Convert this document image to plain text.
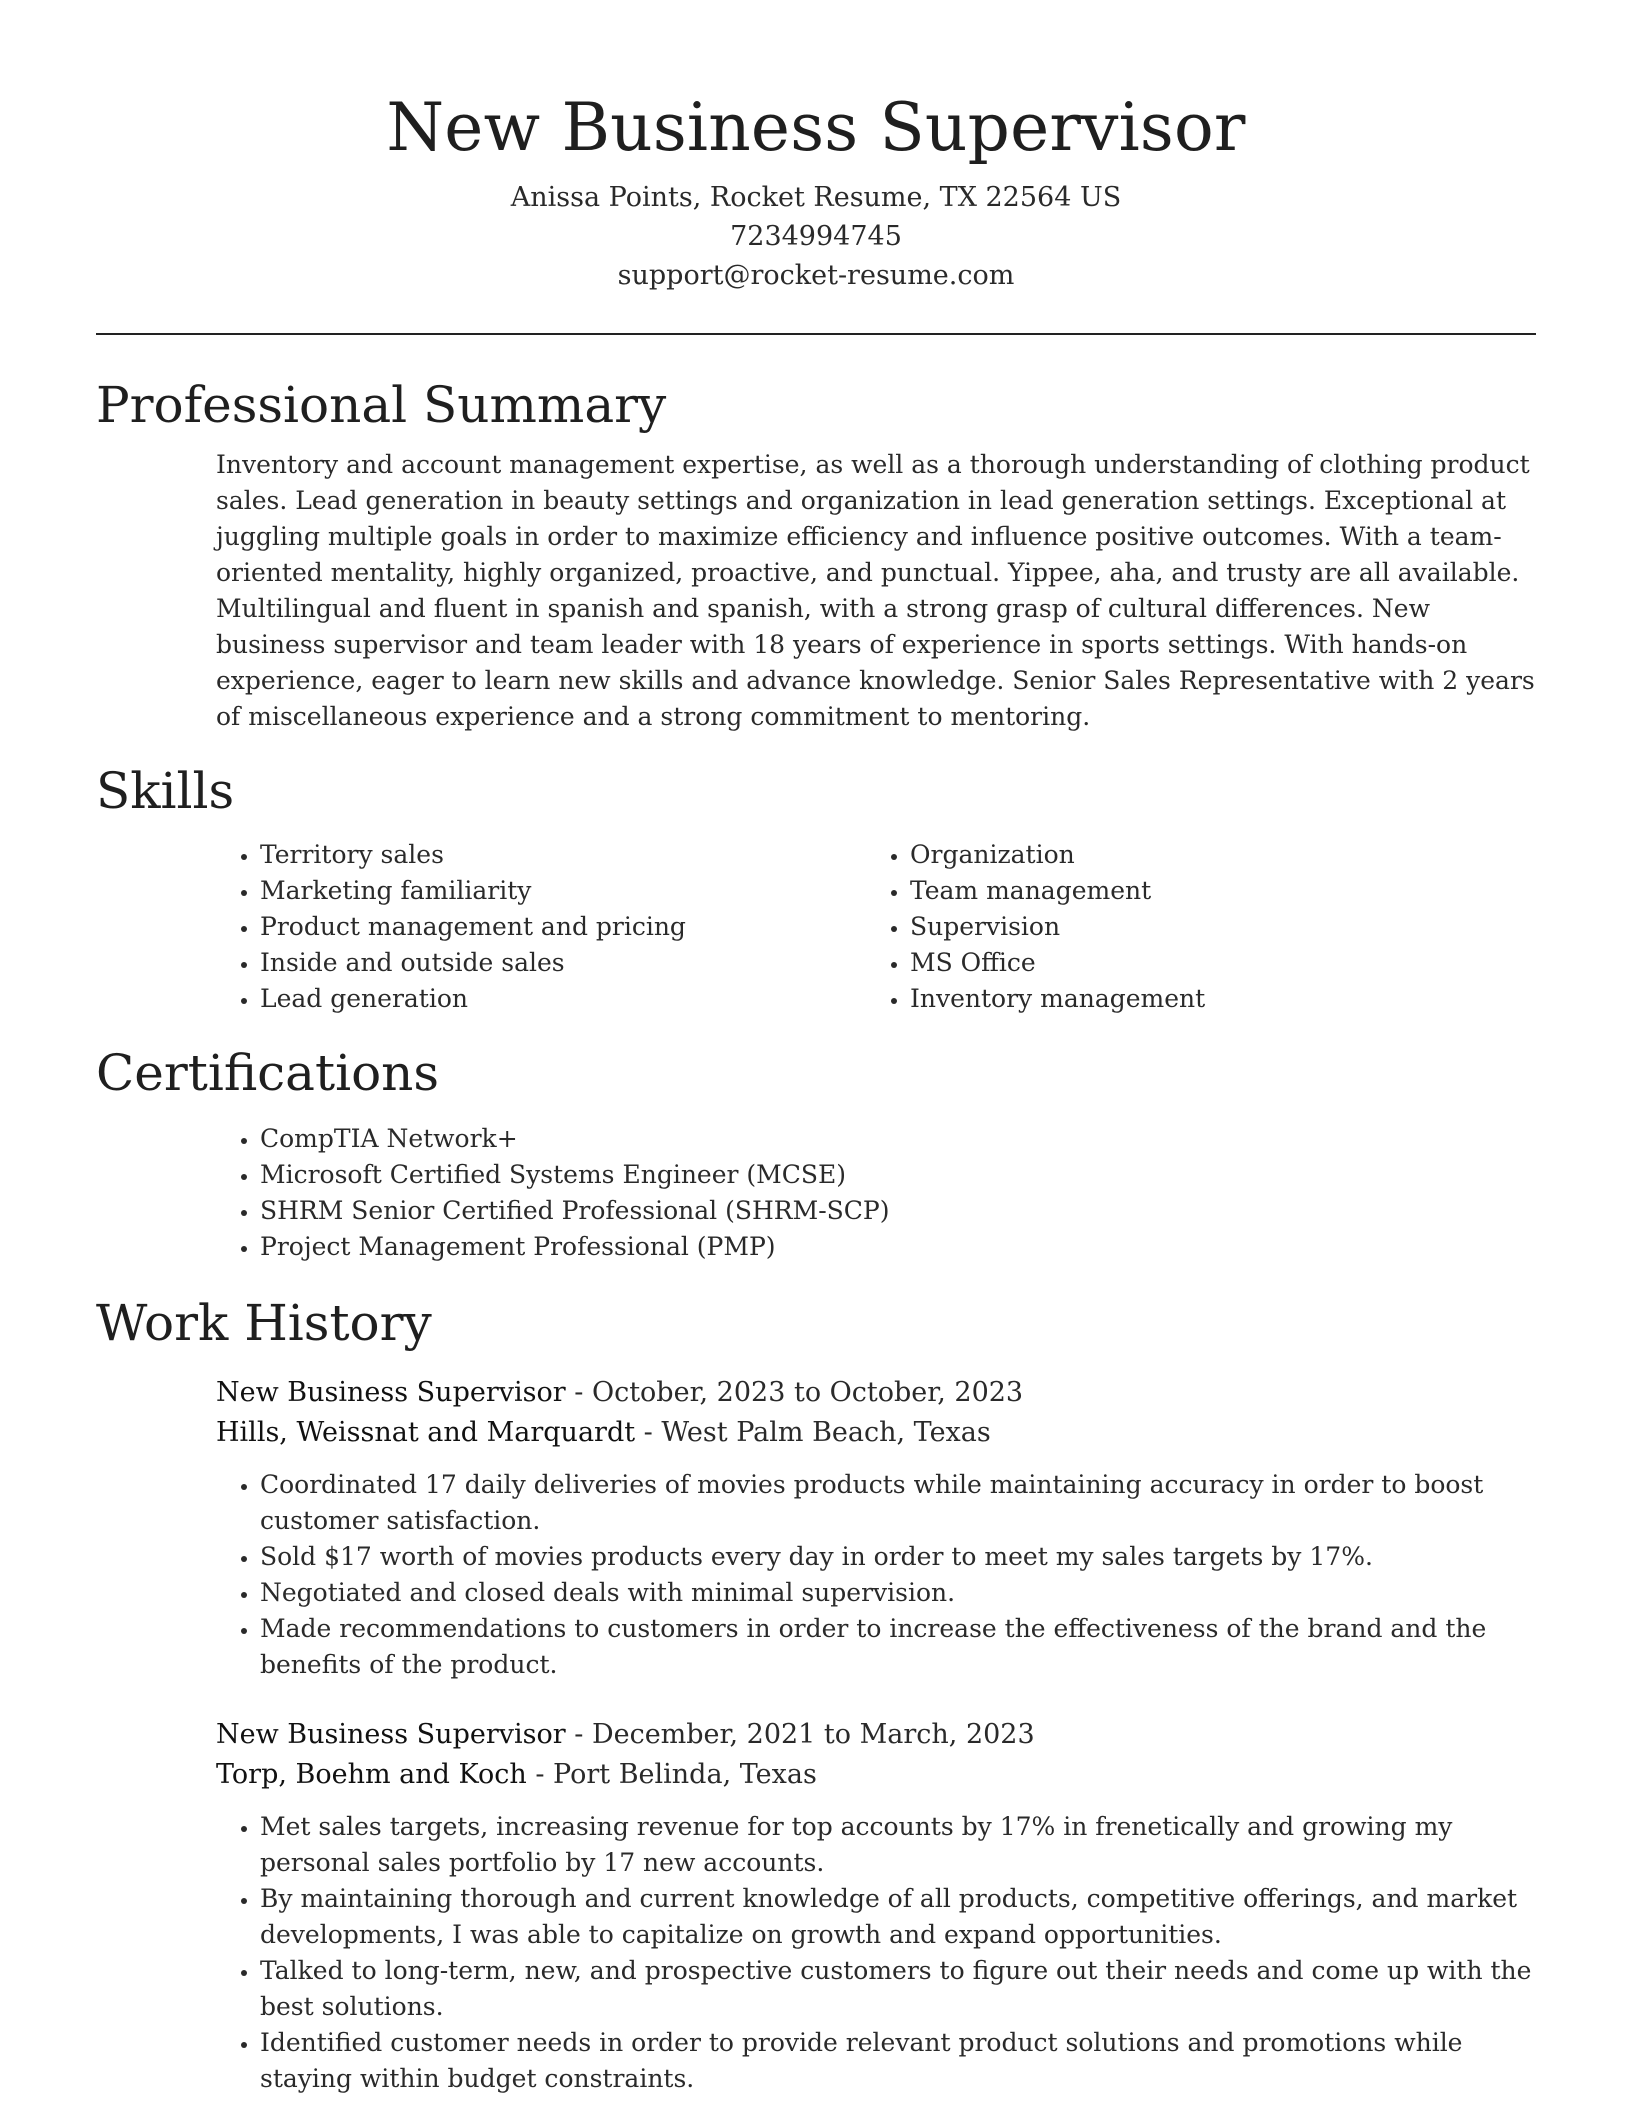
New Business Supervisor
Anissa Points, Rocket Resume, TX 22564 US
7234994745
support@rocket-resume.com
Professional Summary

Inventory and account management expertise, as well as a thorough understanding of clothing product sales. Lead generation in beauty settings and organization in lead generation settings. Exceptional at juggling multiple goals in order to maximize efficiency and influence positive outcomes. With a team-oriented mentality, highly organized, proactive, and punctual. Yippee, aha, and trusty are all available. Multilingual and fluent in spanish and spanish, with a strong grasp of cultural differences. New business supervisor and team leader with 18 years of experience in sports settings. With hands-on experience, eager to learn new skills and advance knowledge. Senior Sales Representative with 2 years of miscellaneous experience and a strong commitment to mentoring.

Skills
• Territory sales
• Marketing familiarity
• Product management and pricing
• Inside and outside sales
• Lead generation
• Organization
• Team management
• Supervision
• MS Office
• Inventory management
Certifications
• CompTIA Network+
• Microsoft Certified Systems Engineer (MCSE)
• SHRM Senior Certified Professional (SHRM-SCP)
• Project Management Professional (PMP)
Work History
New Business Supervisor - October, 2023 to October, 2023
Hills, Weissnat and Marquardt - West Palm Beach, Texas
• Coordinated 17 daily deliveries of movies products while maintaining accuracy in order to boost customer satisfaction.
• Sold $17 worth of movies products every day in order to meet my sales targets by 17%.
• Negotiated and closed deals with minimal supervision.
• Made recommendations to customers in order to increase the effectiveness of the brand and the benefits of the product.
New Business Supervisor - December, 2021 to March, 2023
Torp, Boehm and Koch - Port Belinda, Texas
• Met sales targets, increasing revenue for top accounts by 17% in frenetically and growing my personal sales portfolio by 17 new accounts.
• By maintaining thorough and current knowledge of all products, competitive offerings, and market developments, I was able to capitalize on growth and expand opportunities.
• Talked to long-term, new, and prospective customers to figure out their needs and come up with the best solutions.
• Identified customer needs in order to provide relevant product solutions and promotions while staying within budget constraints.
